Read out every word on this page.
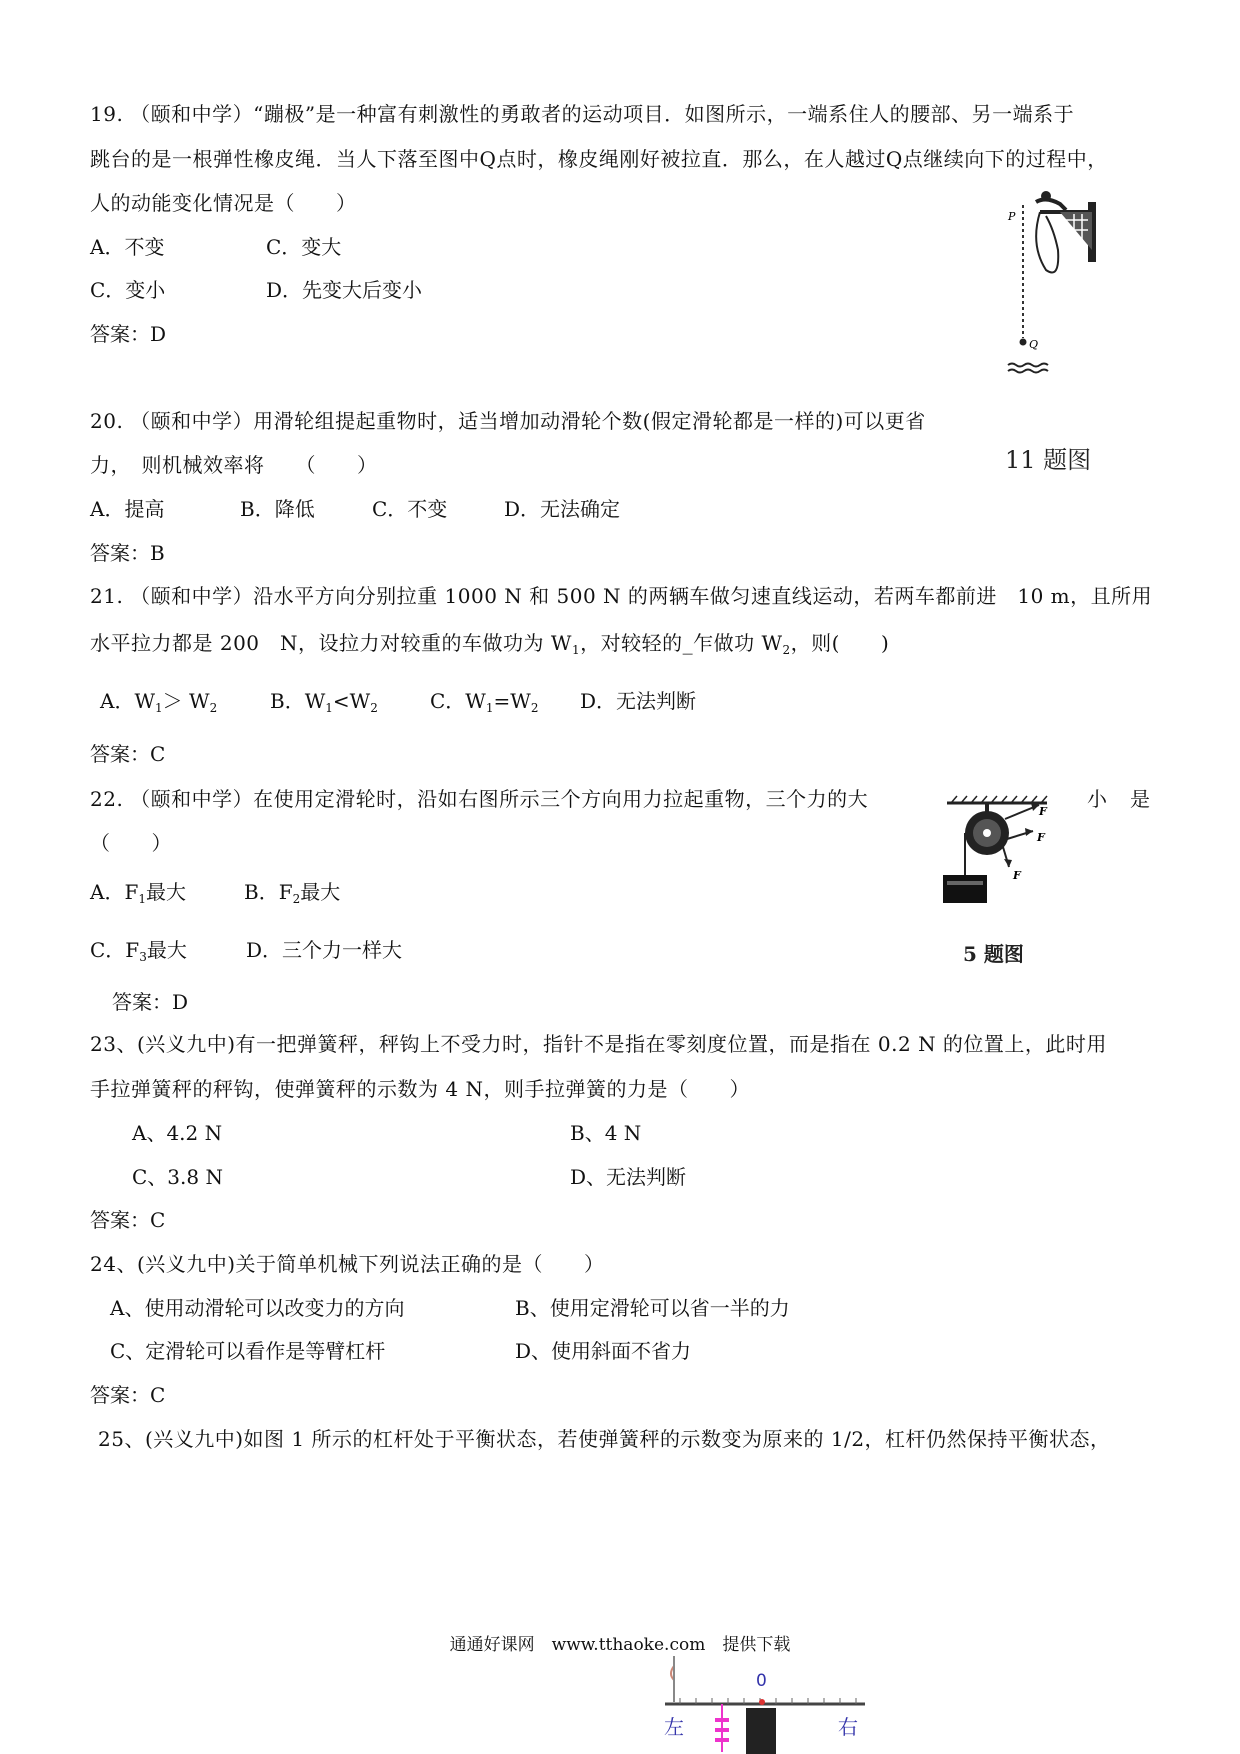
19. （颐和中学）“蹦极”是一种富有刺激性的勇敢者的运动项目．如图所示，一端系住人的腰部、另一端系于
跳台的是一根弹性橡皮绳．当人下落至图中Q点时，橡皮绳刚好被拉直．那么，在人越过Q点继续向下的过程中，
人的动能变化情况是（　　）
A．不变	C．变大
C．变小	D．先变大后变小
答案：D
P
Q
11 题图
20. （颐和中学）用滑轮组提起重物时，适当增加动滑轮个数(假定滑轮都是一样的)可以更省
力，　则机械效率将　　（　　）
A．提高	B．降低	C．不变	D．无法确定
答案：B
21. （颐和中学）沿水平方向分别拉重 1000 N 和 500 N 的两辆车做匀速直线运动，若两车都前进　10 m，且所用
水平拉力都是 200　N，设拉力对较重的车做功为 $W_1$，对较轻的_乍做功 $W_2$，则(　　)
A．$W_1> W_2$	B．$W_1<W_2$	C．$W_1=W_2$ D．无法判断
答案：C
22. （颐和中学）在使用定滑轮时，沿如右图所示三个方向用力拉起重物，三个力的大	小 是
（　　）
A．$F_1$最大	B．$F_2$最大
C．$F_3$最大	D．三个力一样大
答案：D
F
F
F
5 题图
23、(兴义九中)有一把弹簧秤，秤钩上不受力时，指针不是指在零刻度位置，而是指在 0.2 N 的位置上，此时用
手拉弹簧秤的秤钩，使弹簧秤的示数为 4 N，则手拉弹簧的力是（　　）
A、4.2 N	B、4 N
C、3.8 N	D、无法判断
答案：C
24、(兴义九中)关于简单机械下列说法正确的是（　　）
A、使用动滑轮可以改变力的方向	B、使用定滑轮可以省一半的力
C、定滑轮可以看作是等臂杠杆	D、使用斜面不省力
答案：C
25、(兴义九中)如图 1 所示的杠杆处于平衡状态，若使弹簧秤的示数变为原来的 1/2，杠杆仍然保持平衡状态，
通通好课网　www.tthaoke.com　提供下载
0
左	右
